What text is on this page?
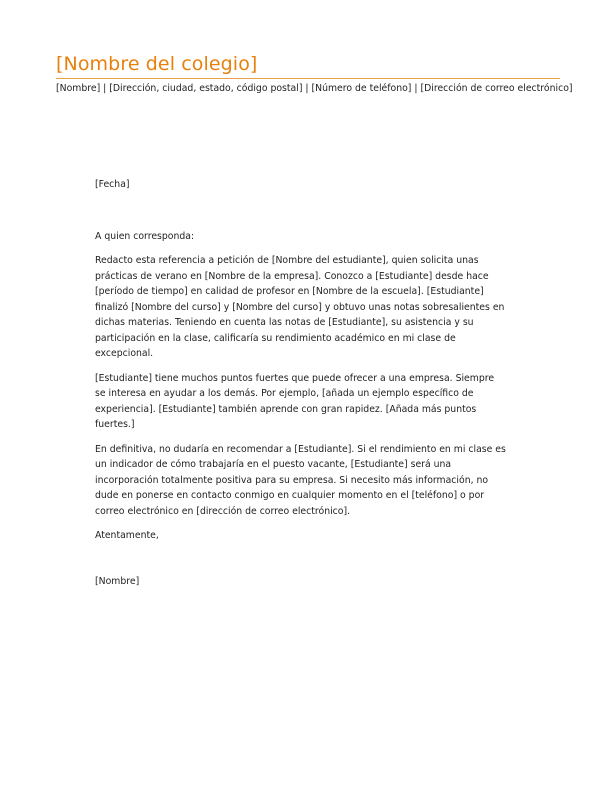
[Nombre del colegio]
[Nombre] | [Dirección, ciudad, estado, código postal] | [Número de teléfono] | [Dirección de correo electrónico]

[Fecha]

A quien corresponda:

Redacto esta referencia a petición de [Nombre del estudiante], quien solicita unas prácticas de verano en [Nombre de la empresa]. Conozco a [Estudiante] desde hace [período de tiempo] en calidad de profesor en [Nombre de la escuela]. [Estudiante] finalizó [Nombre del curso] y [Nombre del curso] y obtuvo unas notas sobresalientes en dichas materias. Teniendo en cuenta las notas de [Estudiante], su asistencia y su participación en la clase, calificaría su rendimiento académico en mi clase de excepcional.

[Estudiante] tiene muchos puntos fuertes que puede ofrecer a una empresa. Siempre se interesa en ayudar a los demás. Por ejemplo, [añada un ejemplo específico de experiencia]. [Estudiante] también aprende con gran rapidez. [Añada más puntos fuertes.]

En definitiva, no dudaría en recomendar a [Estudiante]. Si el rendimiento en mi clase es un indicador de cómo trabajaría en el puesto vacante, [Estudiante] será una incorporación totalmente positiva para su empresa. Si necesito más información, no dude en ponerse en contacto conmigo en cualquier momento en el [teléfono] o por correo electrónico en [dirección de correo electrónico].

Atentamente,

[Nombre]
